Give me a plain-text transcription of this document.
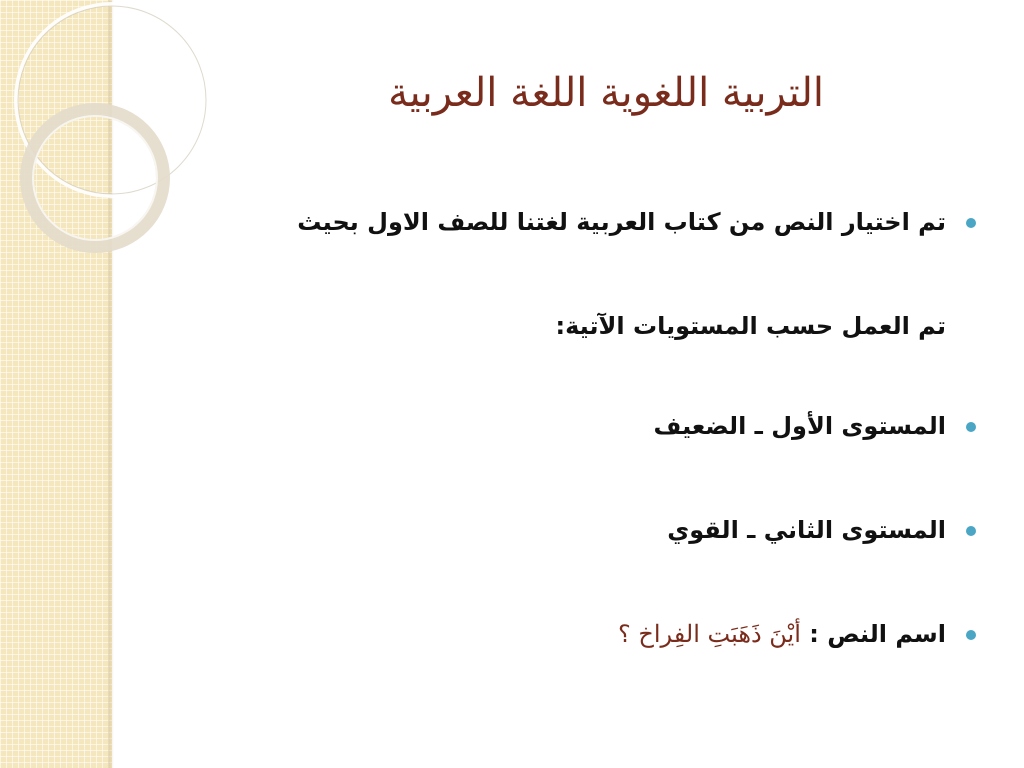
التربية اللغوية اللغة العربية
تم اختيار النص من كتاب العربية لغتنا للصف الاول بحيث
تم العمل حسب المستويات الآتية:
المستوى الأول ـ الضعيف
المستوى الثاني ـ القوي
اسم النص : أيْنَ ذَهَبَتِ الفِراخ ؟
